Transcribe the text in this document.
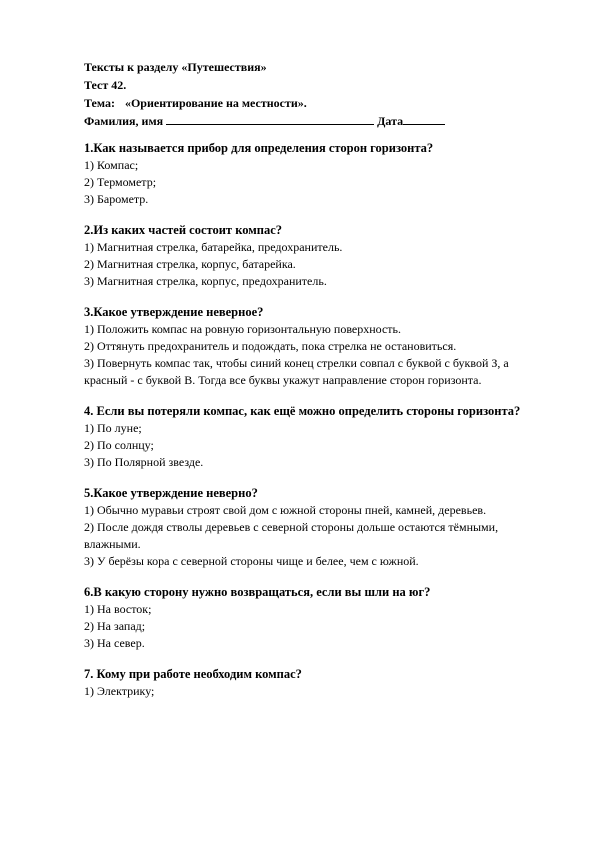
Тексты к разделу «Путешествия»
Тест 42.
Тема: «Ориентирование на местности».
Фамилия, имя	Дата
1.Как называется прибор для определения сторон горизонта?
1) Компас;
2) Термометр;
3) Барометр.
2.Из каких частей состоит компас?
1) Магнитная стрелка, батарейка, предохранитель.
2) Магнитная стрелка, корпус, батарейка.
3) Магнитная стрелка, корпус, предохранитель.
3.Какое утверждение неверное?
1) Положить компас на ровную горизонтальную поверхность.
2) Оттянуть предохранитель и подождать, пока стрелка не остановиться.
3) Повернуть компас так, чтобы синий конец стрелки совпал с буквой с буквой З, а красный - с буквой В. Тогда все буквы укажут направление сторон горизонта.
4. Если вы потеряли компас, как ещё можно определить стороны горизонта?
1) По луне;
2) По солнцу;
3) По Полярной звезде.
5.Какое утверждение неверно?
1) Обычно муравьи строят свой дом с южной стороны пней, камней, деревьев.
2) После дождя стволы деревьев с северной стороны дольше остаются тёмными, влажными.
3) У берёзы кора с северной стороны чище и белее, чем с южной.
6.В какую сторону нужно возвращаться, если вы шли на юг?
1) На восток;
2) На запад;
3) На север.
7. Кому при работе необходим компас?
1) Электрику;
